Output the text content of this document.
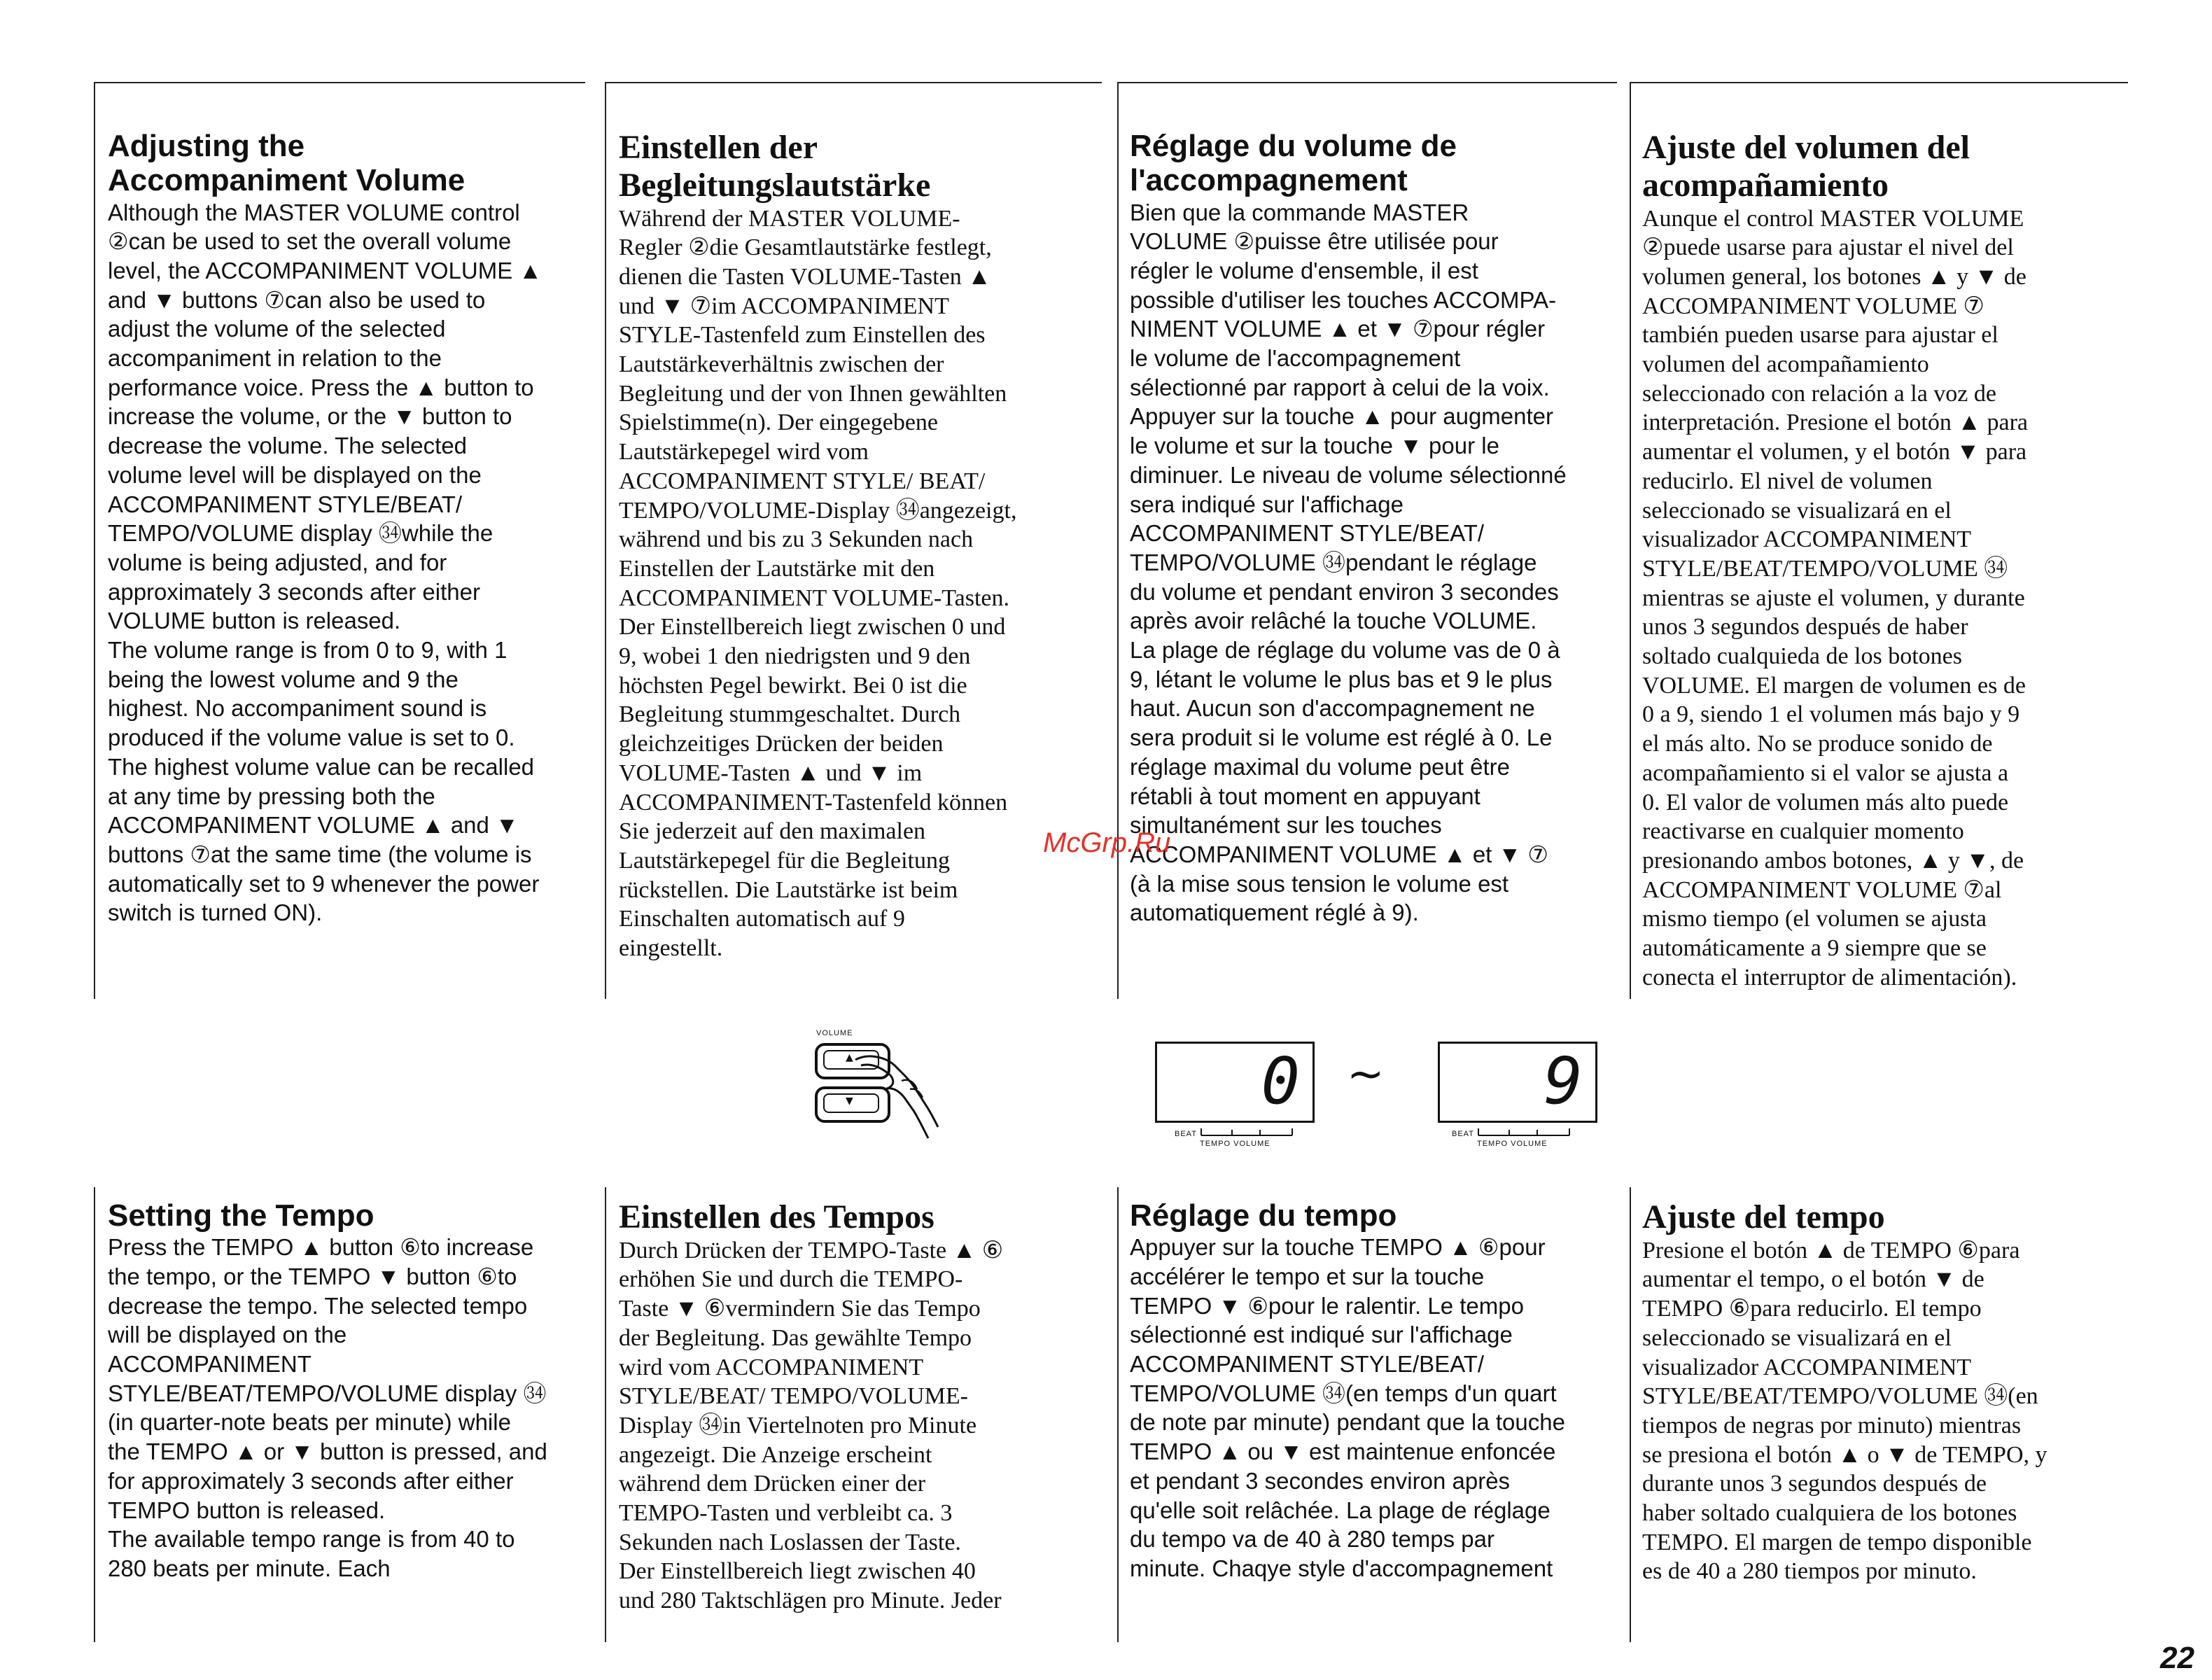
Adjusting the
Accompaniment Volume

Although the MASTER VOLUME control
②can be used to set the overall volume
level, the ACCOMPANIMENT VOLUME ▲
and ▼ buttons ⑦can also be used to
adjust the volume of the selected
accompaniment in relation to the
performance voice. Press the ▲ button to
increase the volume, or the ▼ button to
decrease the volume. The selected
volume level will be displayed on the
ACCOMPANIMENT STYLE/BEAT/
TEMPO/VOLUME display ㉞while the
volume is being adjusted, and for
approximately 3 seconds after either
VOLUME button is released.
The volume range is from 0 to 9, with 1
being the lowest volume and 9 the
highest. No accompaniment sound is
produced if the volume value is set to 0.
The highest volume value can be recalled
at any time by pressing both the
ACCOMPANIMENT VOLUME ▲ and ▼
buttons ⑦at the same time (the volume is
automatically set to 9 whenever the power
switch is turned ON).

Einstellen der
Begleitungslautstärke

Während der MASTER VOLUME-
Regler ②die Gesamtlautstärke festlegt,
dienen die Tasten VOLUME-Tasten ▲
und ▼ ⑦im ACCOMPANIMENT
STYLE-Tastenfeld zum Einstellen des
Lautstärkeverhältnis zwischen der
Begleitung und der von Ihnen gewählten
Spielstimme(n). Der eingegebene
Lautstärkepegel wird vom
ACCOMPANIMENT STYLE/ BEAT/
TEMPO/VOLUME-Display ㉞angezeigt,
während und bis zu 3 Sekunden nach
Einstellen der Lautstärke mit den
ACCOMPANIMENT VOLUME-Tasten.
Der Einstellbereich liegt zwischen 0 und
9, wobei 1 den niedrigsten und 9 den
höchsten Pegel bewirkt. Bei 0 ist die
Begleitung stummgeschaltet. Durch
gleichzeitiges Drücken der beiden
VOLUME-Tasten ▲ und ▼ im
ACCOMPANIMENT-Tastenfeld können
Sie jederzeit auf den maximalen
Lautstärkepegel für die Begleitung
rückstellen. Die Lautstärke ist beim
Einschalten automatisch auf 9
eingestellt.

Réglage du volume de
l'accompagnement

Bien que la commande MASTER
VOLUME ②puisse être utilisée pour
régler le volume d'ensemble, il est
possible d'utiliser les touches ACCOMPA-
NIMENT VOLUME ▲ et ▼ ⑦pour régler
le volume de l'accompagnement
sélectionné par rapport à celui de la voix.
Appuyer sur la touche ▲ pour augmenter
le volume et sur la touche ▼ pour le
diminuer. Le niveau de volume sélectionné
sera indiqué sur l'affichage
ACCOMPANIMENT STYLE/BEAT/
TEMPO/VOLUME ㉞pendant le réglage
du volume et pendant environ 3 secondes
après avoir relâché la touche VOLUME.
La plage de réglage du volume vas de 0 à
9, létant le volume le plus bas et 9 le plus
haut. Aucun son d'accompagnement ne
sera produit si le volume est réglé à 0. Le
réglage maximal du volume peut être
rétabli à tout moment en appuyant
simultanément sur les touches
ACCOMPANIMENT VOLUME ▲ et ▼ ⑦
(à la mise sous tension le volume est
automatiquement réglé à 9).

Ajuste del volumen del
acompañamiento

Aunque el control MASTER VOLUME
②puede usarse para ajustar el nivel del
volumen general, los botones ▲ y ▼ de
ACCOMPANIMENT VOLUME ⑦
también pueden usarse para ajustar el
volumen del acompañamiento
seleccionado con relación a la voz de
interpretación. Presione el botón ▲ para
aumentar el volumen, y el botón ▼ para
reducirlo. El nivel de volumen
seleccionado se visualizará en el
visualizador ACCOMPANIMENT
STYLE/BEAT/TEMPO/VOLUME ㉞
mientras se ajuste el volumen, y durante
unos 3 segundos después de haber
soltado cualquieda de los botones
VOLUME. El margen de volumen es de
0 a 9, siendo 1 el volumen más bajo y 9
el más alto. No se produce sonido de
acompañamiento si el valor se ajusta a
0. El valor de volumen más alto puede
reactivarse en cualquier momento
presionando ambos botones, ▲ y ▼, de
ACCOMPANIMENT VOLUME ⑦al
mismo tiempo (el volumen se ajusta
automáticamente a 9 siempre que se
conecta el interruptor de alimentación).

VOLUME
▲
▼	0
BEAT
TEMPO VOLUME
~ 9
BEAT
TEMPO VOLUME
Setting the Tempo

Press the TEMPO ▲ button ⑥to increase
the tempo, or the TEMPO ▼ button ⑥to
decrease the tempo. The selected tempo
will be displayed on the
ACCOMPANIMENT
STYLE/BEAT/TEMPO/VOLUME display ㉞
(in quarter-note beats per minute) while
the TEMPO ▲ or ▼ button is pressed, and
for approximately 3 seconds after either
TEMPO button is released.
The available tempo range is from 40 to
280 beats per minute. Each

Einstellen des Tempos

Durch Drücken der TEMPO-Taste ▲ ⑥
erhöhen Sie und durch die TEMPO-
Taste ▼ ⑥vermindern Sie das Tempo
der Begleitung. Das gewählte Tempo
wird vom ACCOMPANIMENT
STYLE/BEAT/ TEMPO/VOLUME-
Display ㉞in Viertelnoten pro Minute
angezeigt. Die Anzeige erscheint
während dem Drücken einer der
TEMPO-Tasten und verbleibt ca. 3
Sekunden nach Loslassen der Taste.
Der Einstellbereich liegt zwischen 40
und 280 Taktschlägen pro Minute. Jeder

Réglage du tempo

Appuyer sur la touche TEMPO ▲ ⑥pour
accélérer le tempo et sur la touche
TEMPO ▼ ⑥pour le ralentir. Le tempo
sélectionné est indiqué sur l'affichage
ACCOMPANIMENT STYLE/BEAT/
TEMPO/VOLUME ㉞(en temps d'un quart
de note par minute) pendant que la touche
TEMPO ▲ ou ▼ est maintenue enfoncée
et pendant 3 secondes environ après
qu'elle soit relâchée. La plage de réglage
du tempo va de 40 à 280 temps par
minute. Chaqye style d'accompagnement

Ajuste del tempo

Presione el botón ▲ de TEMPO ⑥para
aumentar el tempo, o el botón ▼ de
TEMPO ⑥para reducirlo. El tempo
seleccionado se visualizará en el
visualizador ACCOMPANIMENT
STYLE/BEAT/TEMPO/VOLUME ㉞(en
tiempos de negras por minuto) mientras
se presiona el botón ▲ o ▼ de TEMPO, y
durante unos 3 segundos después de
haber soltado cualquiera de los botones
TEMPO. El margen de tempo disponible
es de 40 a 280 tiempos por minuto.

McGrp.Ru
22
